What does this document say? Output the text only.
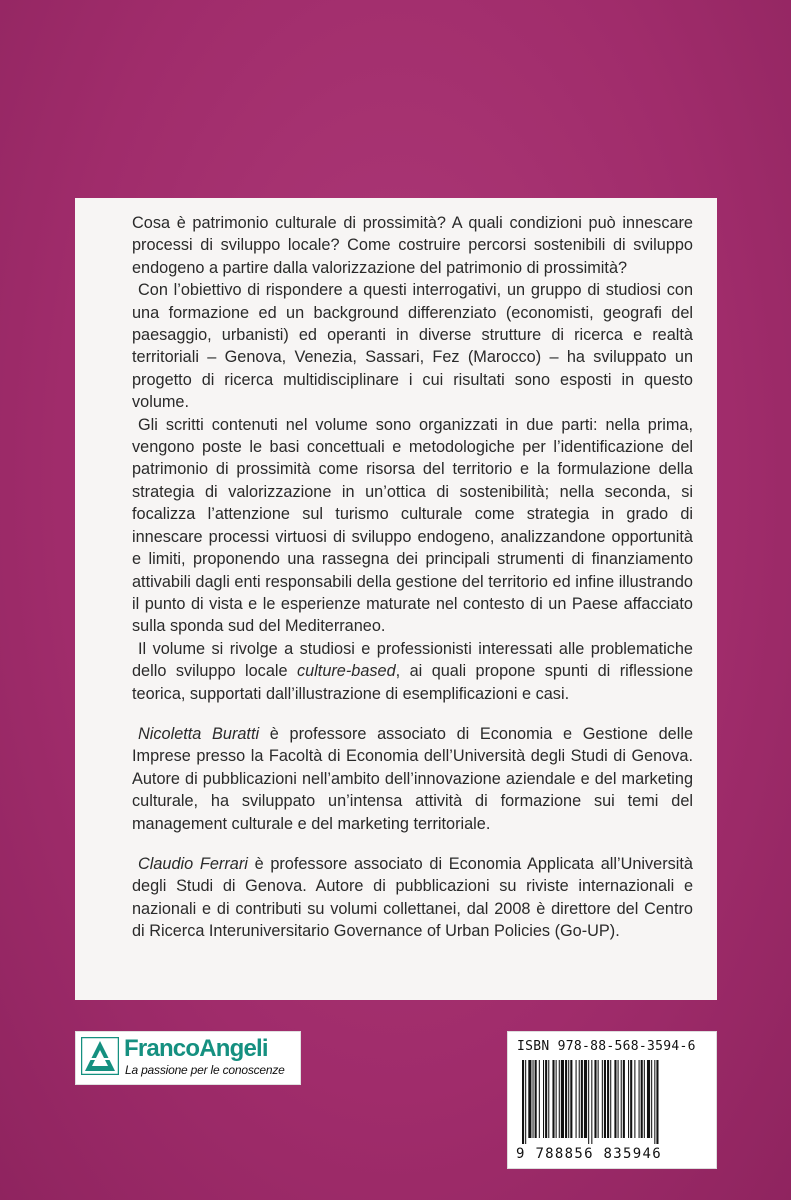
Cosa è patrimonio culturale di prossimità? A quali condizioni può innescare processi di sviluppo locale? Come costruire percorsi sostenibili di sviluppo endogeno a partire dalla valorizzazione del patrimonio di prossimità?

Con l’obiettivo di rispondere a questi interrogativi, un gruppo di studiosi con una formazione ed un background differenziato (economisti, geografi del paesaggio, urbanisti) ed operanti in diverse strutture di ricerca e realtà territoriali – Genova, Venezia, Sassari, Fez (Marocco) – ha sviluppato un progetto di ricerca multidisciplinare i cui risultati sono esposti in questo volume.

Gli scritti contenuti nel volume sono organizzati in due parti: nella prima, vengono poste le basi concettuali e metodologiche per l’identificazione del patrimonio di prossimità come risorsa del territorio e la formulazione della strategia di valorizzazione in un’ottica di sostenibilità; nella seconda, si focalizza l’attenzione sul turismo culturale come strategia in grado di innescare processi virtuosi di sviluppo endogeno, analizzandone opportunità e limiti, proponendo una rassegna dei principali strumenti di finanziamento attivabili dagli enti responsabili della gestione del territorio ed infine illustrando il punto di vista e le esperienze maturate nel contesto di un Paese affacciato sulla sponda sud del Mediterraneo.

Il volume si rivolge a studiosi e professionisti interessati alle problematiche dello sviluppo locale culture-based, ai quali propone spunti di riflessione teorica, supportati dall’illustrazione di esemplificazioni e casi.

Nicoletta Buratti è professore associato di Economia e Gestione delle Imprese presso la Facoltà di Economia dell’Università degli Studi di Genova. Autore di pubblicazioni nell’ambito dell’innovazione aziendale e del marketing culturale, ha sviluppato un’intensa attività di formazione sui temi del management culturale e del marketing territoriale.

Claudio Ferrari è professore associato di Economia Applicata all’Università degli Studi di Genova. Autore di pubblicazioni su riviste internazionali e nazionali e di contributi su volumi collettanei, dal 2008 è direttore del Centro di Ricerca Interuniversitario Governance of Urban Policies (Go-UP).

FrancoAngeli
La passione per le conoscenze
ISBN 978-88-568-3594-6
9 788856 835946
